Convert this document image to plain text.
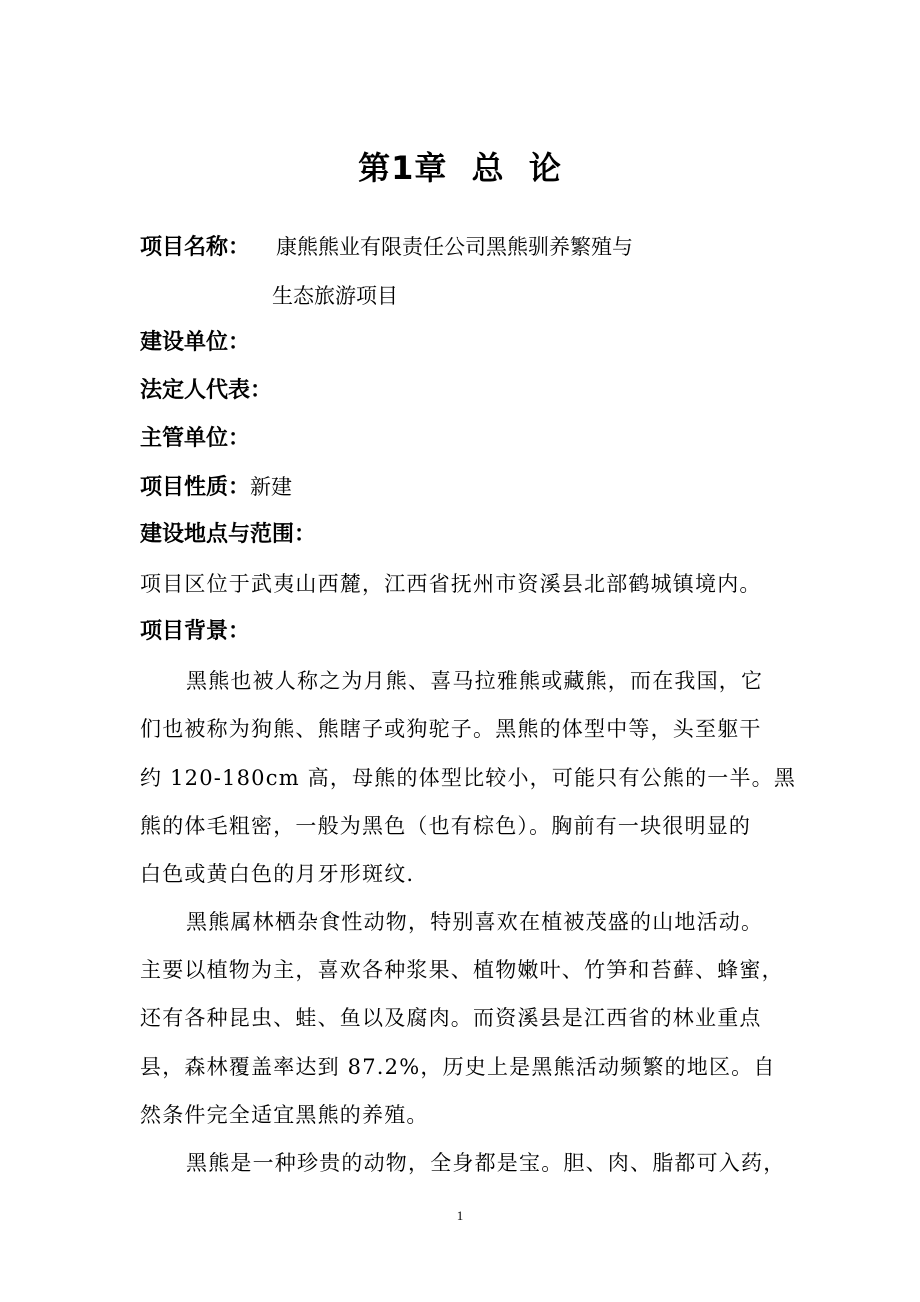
第1章  总  论
项目名称： 康熊熊业有限责任公司黑熊驯养繁殖与
生态旅游项目
建设单位：
法定人代表：
主管单位：
项目性质：新建
建设地点与范围：
项目区位于武夷山西麓，江西省抚州市资溪县北部鹤城镇境内。
项目背景：
黑熊也被人称之为月熊、喜马拉雅熊或藏熊，而在我国，它
们也被称为狗熊、熊瞎子或狗驼子。黑熊的体型中等，头至躯干
约 120-180cm 高，母熊的体型比较小，可能只有公熊的一半。黑
熊的体毛粗密，一般为黑色（也有棕色）。胸前有一块很明显的
白色或黄白色的月牙形斑纹.
黑熊属林栖杂食性动物，特别喜欢在植被茂盛的山地活动。
主要以植物为主，喜欢各种浆果、植物嫩叶、竹笋和苔藓、蜂蜜，
还有各种昆虫、蛙、鱼以及腐肉。而资溪县是江西省的林业重点
县，森林覆盖率达到 87.2%，历史上是黑熊活动频繁的地区。自
然条件完全适宜黑熊的养殖。
黑熊是一种珍贵的动物，全身都是宝。胆、肉、脂都可入药，
1
